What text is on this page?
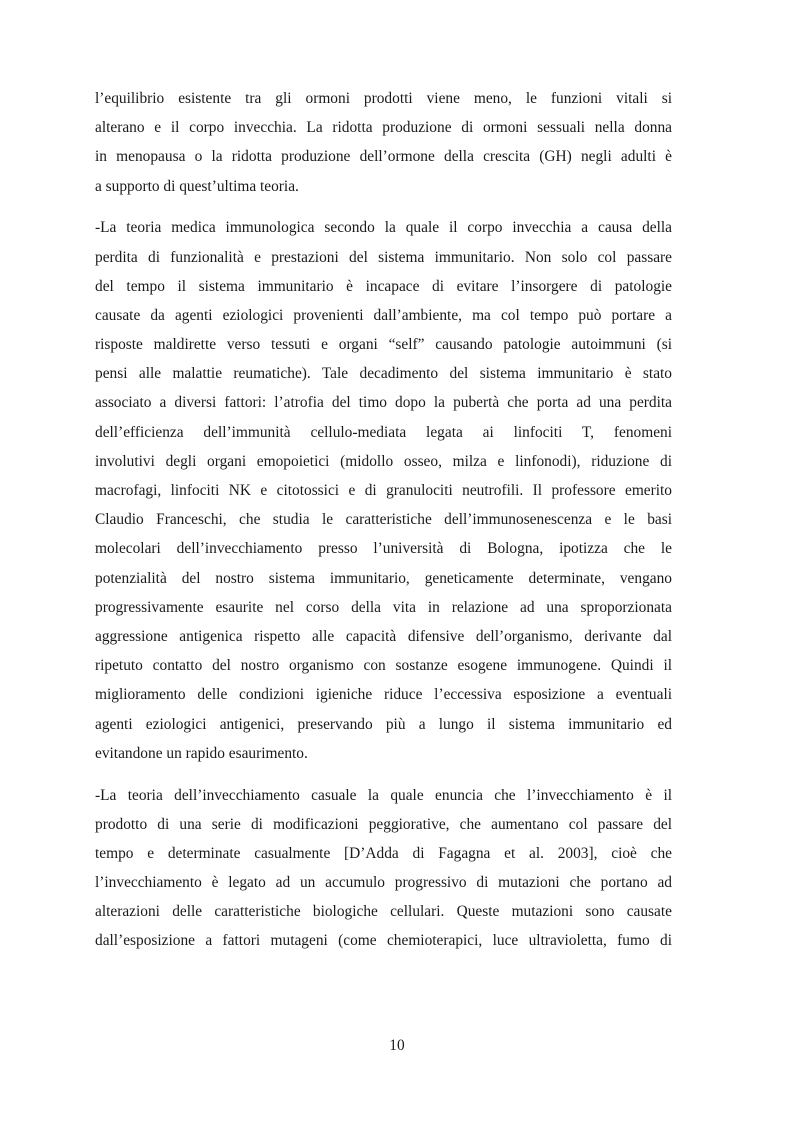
l’equilibrio esistente tra gli ormoni prodotti viene meno, le funzioni vitali si
alterano e il corpo invecchia. La ridotta produzione di ormoni sessuali nella donna
in menopausa o la ridotta produzione dell’ormone della crescita (GH) negli adulti è
a supporto di quest’ultima teoria.

-La teoria medica immunologica secondo la quale il corpo invecchia a causa della
perdita di funzionalità e prestazioni del sistema immunitario. Non solo col passare
del tempo il sistema immunitario è incapace di evitare l’insorgere di patologie
causate da agenti eziologici provenienti dall’ambiente, ma col tempo può portare a
risposte maldirette verso tessuti e organi “self” causando patologie autoimmuni (si
pensi alle malattie reumatiche). Tale decadimento del sistema immunitario è stato
associato a diversi fattori: l’atrofia del timo dopo la pubertà che porta ad una perdita
dell’efficienza dell’immunità cellulo-mediata legata ai linfociti T, fenomeni
involutivi degli organi emopoietici (midollo osseo, milza e linfonodi), riduzione di
macrofagi, linfociti NK e citotossici e di granulociti neutrofili. Il professore emerito
Claudio Franceschi, che studia le caratteristiche dell’immunosenescenza e le basi
molecolari dell’invecchiamento presso l’università di Bologna, ipotizza che le
potenzialità del nostro sistema immunitario, geneticamente determinate, vengano
progressivamente esaurite nel corso della vita in relazione ad una sproporzionata
aggressione antigenica rispetto alle capacità difensive dell’organismo, derivante dal
ripetuto contatto del nostro organismo con sostanze esogene immunogene. Quindi il
miglioramento delle condizioni igieniche riduce l’eccessiva esposizione a eventuali
agenti eziologici antigenici, preservando più a lungo il sistema immunitario ed
evitandone un rapido esaurimento.

-La teoria dell’invecchiamento casuale la quale enuncia che l’invecchiamento è il
prodotto di una serie di modificazioni peggiorative, che aumentano col passare del
tempo e determinate casualmente [D’Adda di Fagagna et al. 2003], cioè che
l’invecchiamento è legato ad un accumulo progressivo di mutazioni che portano ad
alterazioni delle caratteristiche biologiche cellulari. Queste mutazioni sono causate
dall’esposizione a fattori mutageni (come chemioterapici, luce ultravioletta, fumo di

10
